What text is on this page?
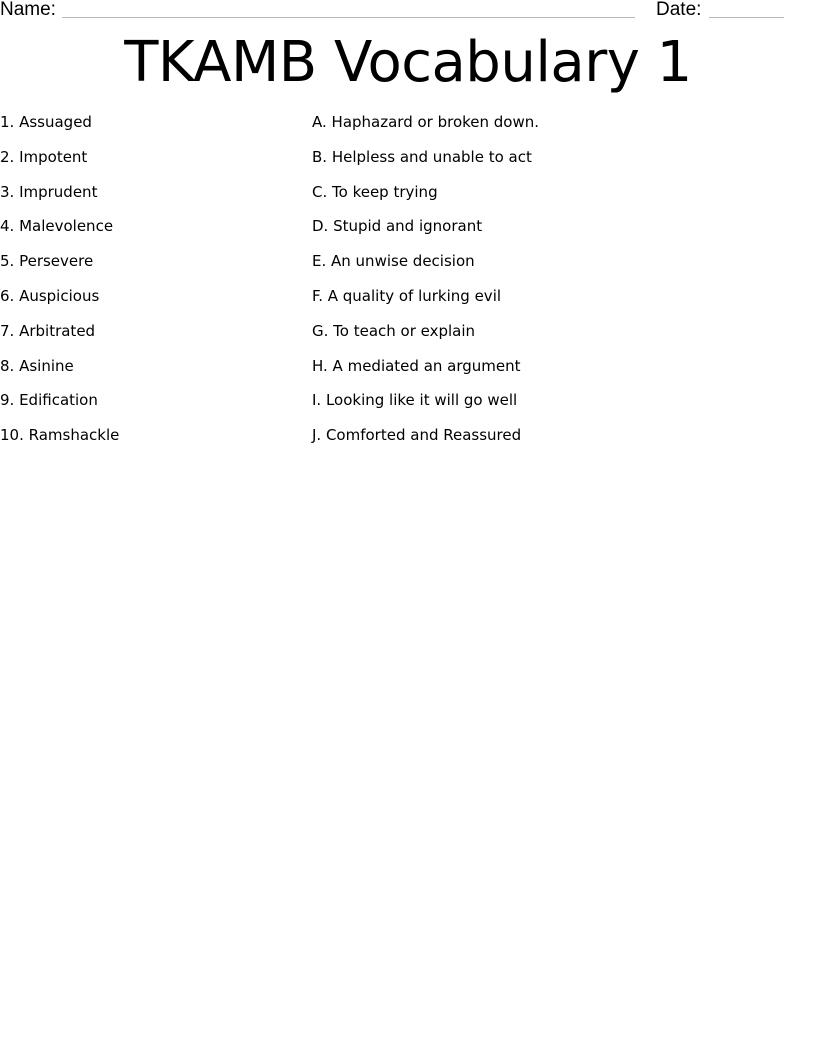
Name:	Date:
TKAMB Vocabulary 1
1. Assuaged
2. Impotent
3. Imprudent
4. Malevolence
5. Persevere
6. Auspicious
7. Arbitrated
8. Asinine
9. Edification
10. Ramshackle
A. Haphazard or broken down.
B. Helpless and unable to act
C. To keep trying
D. Stupid and ignorant
E. An unwise decision
F. A quality of lurking evil
G. To teach or explain
H. A mediated an argument
I. Looking like it will go well
J. Comforted and Reassured
